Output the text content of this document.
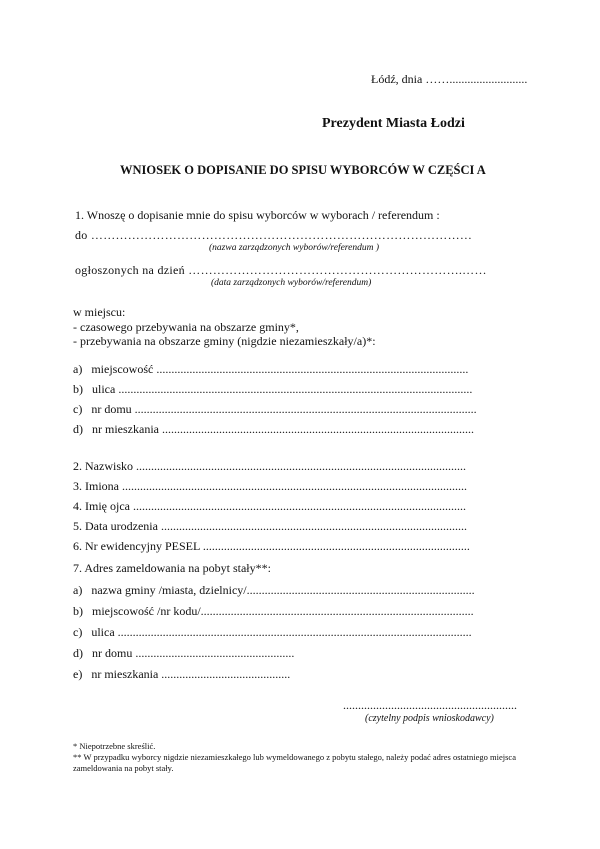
Łódź, dnia ……..........................
Prezydent Miasta Łodzi
WNIOSEK O DOPISANIE DO SPISU WYBORCÓW W CZĘŚCI A
1. Wnoszę o dopisanie mnie do spisu wyborców w wyborach / referendum :
do …………………………………………………………………………………
(nazwa zarządzonych wyborów/referendum )
ogłoszonych na dzień ………………………………………………………….……
(data zarządzonych wyborów/referendum)
w miejscu:
- czasowego przebywania na obszarze gminy*,
- przebywania na obszarze gminy (nigdzie niezamieszkały/a)*:
a) miejscowość ........................................................................................................
b) ulica ......................................................................................................................
c) nr domu ..................................................................................................................
d) nr mieszkania ........................................................................................................
2. Nazwisko ..............................................................................................................
3. Imiona ...................................................................................................................
4. Imię ojca ...............................................................................................................
5. Data urodzenia ......................................................................................................
6. Nr ewidencyjny PESEL .........................................................................................
7. Adres zameldowania na pobyt stały**:
a) nazwa gminy /miasta, dzielnicy/............................................................................
b) miejscowość /nr kodu/...........................................................................................
c) ulica ......................................................................................................................
d) nr domu .....................................................
e) nr mieszkania ...........................................
..........................................................
(czytelny podpis wnioskodawcy)
* Niepotrzebne skreślić.
** W przypadku wyborcy nigdzie niezamieszkałego lub wymeldowanego z pobytu stałego, należy podać adres ostatniego miejsca
zameldowania na pobyt stały.
